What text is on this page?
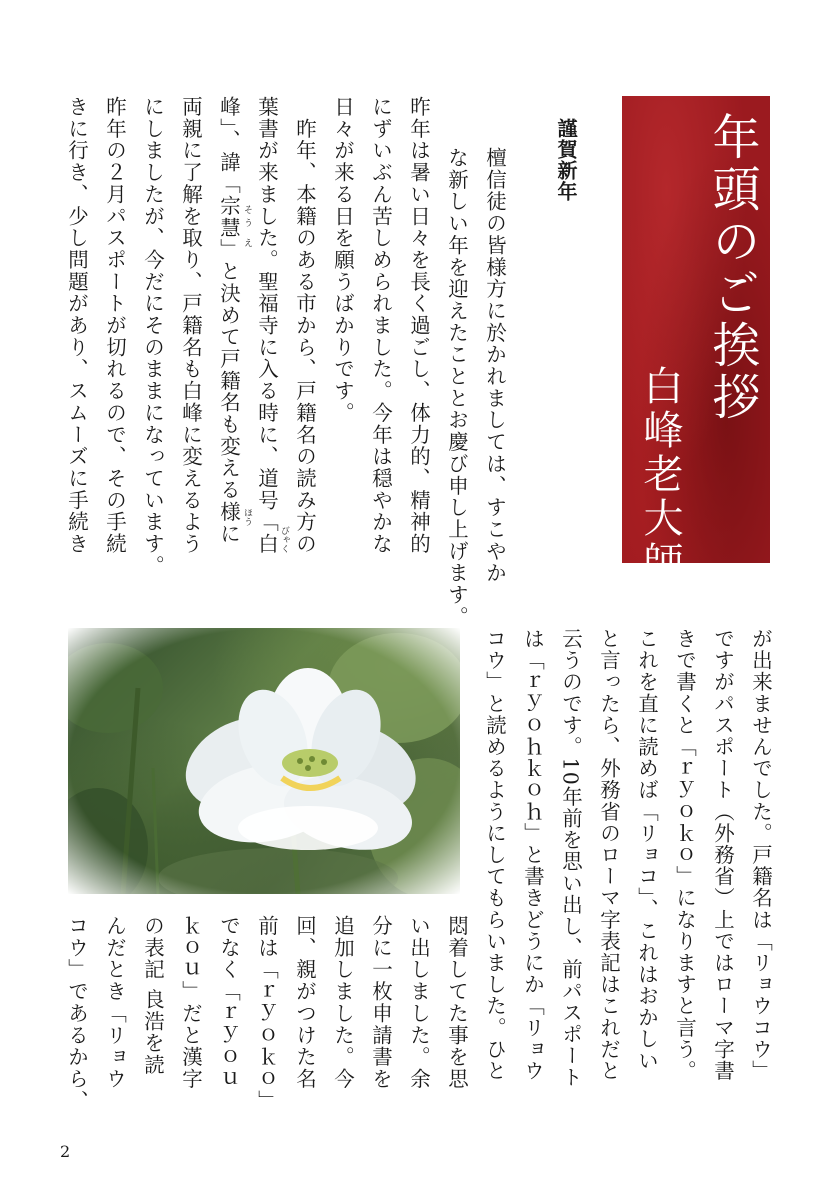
年頭のご挨拶
白峰老大師
謹賀新年
檀信徒の皆様方に於かれましては、すこやか
な新しい年を迎えたこととお慶び申し上げます。
昨年は暑い日々を長く過ごし、体力的、精神的
にずいぶん苦しめられました。今年は穏やかな
日々が来る日を願うばかりです。
　昨年、本籍のある市から、戸籍名の読み方の
葉書が来ました。聖福寺に入る時に、道号「白
峰」、諱「宗慧」と決めて戸籍名も変える様に
両親に了解を取り、戸籍名も白峰に変えるよう
にしましたが、今だにそのままになっています。
昨年の２月パスポートが切れるので、その手続
きに行き、少し問題があり、スムーズに手続き	ほう
びゃく
そう え
が出来ませんでした。戸籍名は「リョウコウ」
ですがパスポート（外務省）上ではローマ字書
きで書くと「ｒｙｏｋｏ」になりますと言う。
これを直に読めば「リョコ」、これはおかしい
と言ったら、外務省のローマ字表記はこれだと
云うのです。10年前を思い出し、前パスポート
は「ｒｙｏｈｋｏｈ」と書きどうにか「リョウ
コウ」と読めるようにしてもらいました。ひと
悶着してた事を思
い出しました。余
分に一枚申請書を
追加しました。今
回、親がつけた名
前は「ｒｙｏｋｏ」
でなく「ｒｙｏｕ
ｋｏｕ」だと漢字
の表記 良浩を読
んだとき「リョウ
コウ」であるから、
2
